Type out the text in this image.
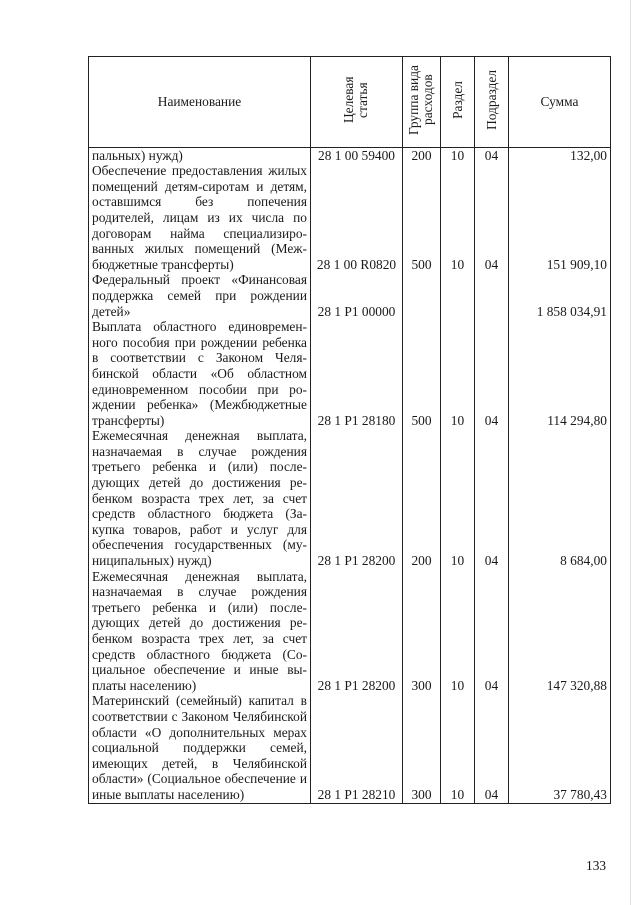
Наименование	Целевая статья	Группа вида расходов	Раздел	Подраздел	Сумма
пальных) нужд)	28 1 00 59400	200	10	04	132,00
Обеспечение предоставления жилых помещений детям-сиротам и детям, оставшимся без попечения родителей, лицам из их числа по договорам найма специализированных жилых помещений (Межбюджетные трансферты)	28 1 00 R0820	500	10	04	151 909,10
Федеральный проект «Финансовая поддержка семей при рождении детей»	28 1 P1 00000				1 858 034,91
Выплата областного единовременного пособия при рождении ребенка в соответствии с Законом Челябинской области «Об областном единовременном пособии при рождении ребенка» (Межбюджетные трансферты)	28 1 P1 28180	500	10	04	114 294,80
Ежемесячная денежная выплата, назначаемая в случае рождения третьего ребенка и (или) последующих детей до достижения ребенком возраста трех лет, за счет средств областного бюджета (Закупка товаров, работ и услуг для обеспечения государственных (муниципальных) нужд)	28 1 P1 28200	200	10	04	8 684,00
Ежемесячная денежная выплата, назначаемая в случае рождения третьего ребенка и (или) последующих детей до достижения ребенком возраста трех лет, за счет средств областного бюджета (Социальное обеспечение и иные выплаты населению)	28 1 P1 28200	300	10	04	147 320,88
Материнский (семейный) капитал в соответствии с Законом Челябинской области «О дополнительных мерах социальной поддержки семей, имеющих детей, в Челябинской области» (Социальное обеспечение и иные выплаты населению)	28 1 P1 28210	300	10	04	37 780,43
133
